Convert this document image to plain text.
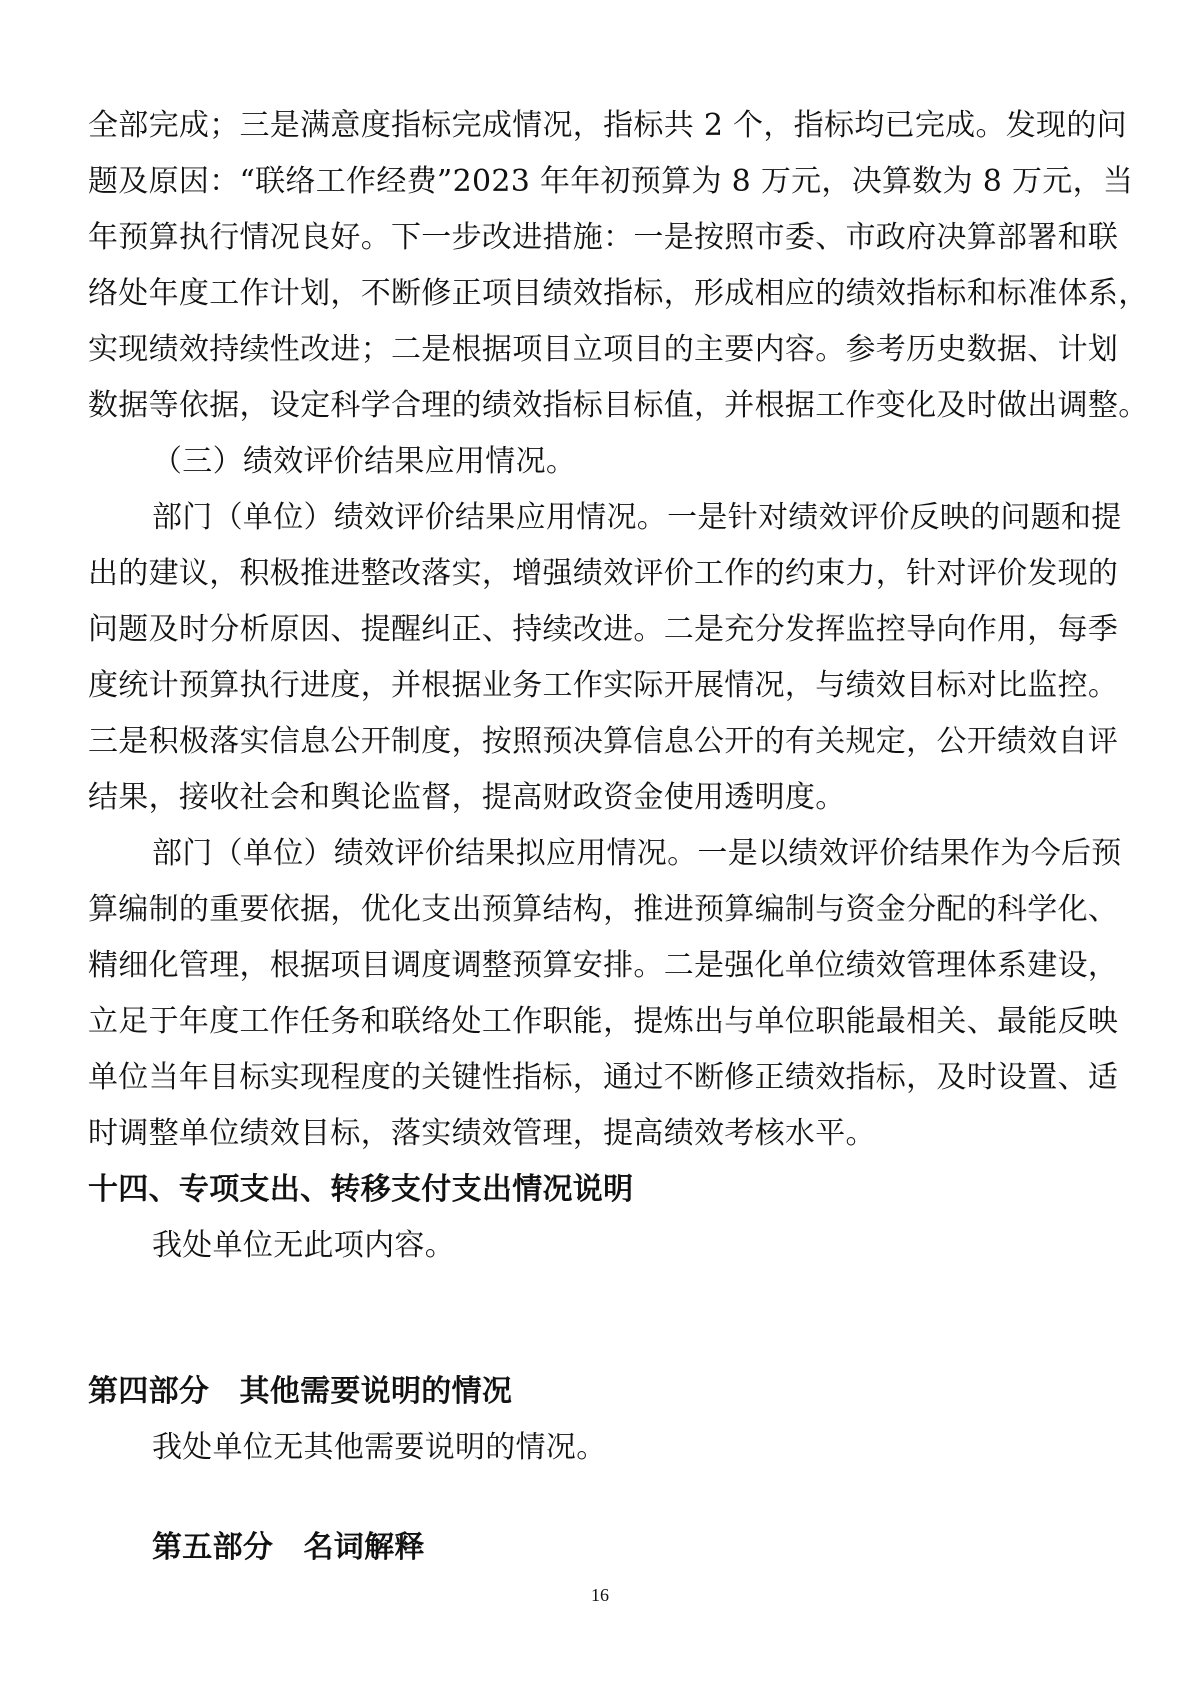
全部完成；三是满意度指标完成情况，指标共 2 个，指标均已完成。发现的问
题及原因：“联络工作经费”2023 年年初预算为 8 万元，决算数为 8 万元，当
年预算执行情况良好。下一步改进措施：一是按照市委、市政府决算部署和联
络处年度工作计划，不断修正项目绩效指标，形成相应的绩效指标和标准体系，
实现绩效持续性改进；二是根据项目立项目的主要内容。参考历史数据、计划
数据等依据，设定科学合理的绩效指标目标值，并根据工作变化及时做出调整。
（三）绩效评价结果应用情况。
部门（单位）绩效评价结果应用情况。一是针对绩效评价反映的问题和提
出的建议，积极推进整改落实，增强绩效评价工作的约束力，针对评价发现的
问题及时分析原因、提醒纠正、持续改进。二是充分发挥监控导向作用，每季
度统计预算执行进度，并根据业务工作实际开展情况，与绩效目标对比监控。
三是积极落实信息公开制度，按照预决算信息公开的有关规定，公开绩效自评
结果，接收社会和舆论监督，提高财政资金使用透明度。
部门（单位）绩效评价结果拟应用情况。一是以绩效评价结果作为今后预
算编制的重要依据，优化支出预算结构，推进预算编制与资金分配的科学化、
精细化管理，根据项目调度调整预算安排。二是强化单位绩效管理体系建设，
立足于年度工作任务和联络处工作职能，提炼出与单位职能最相关、最能反映
单位当年目标实现程度的关键性指标，通过不断修正绩效指标，及时设置、适
时调整单位绩效目标，落实绩效管理，提高绩效考核水平。
十四、专项支出、转移支付支出情况说明
我处单位无此项内容。
第四部分　其他需要说明的情况
我处单位无其他需要说明的情况。
第五部分　名词解释
16
